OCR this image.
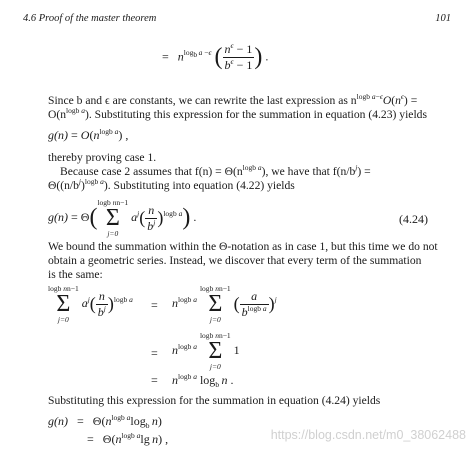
4.6 Proof of the master theorem	101
= $n^{logb a -\epsilon}$ ( $\frac{n^\epsilon - 1}{b^\epsilon - 1}$ ) .
Since b and ϵ are constants, we can rewrite the last expression as $n^{logb a-\epsilon}O(n^\epsilon)$ =
$O(n^{logb a})$. Substituting this expression for the summation in equation (4.23) yields
$g(n) = O(n^{logb a})$ ,
thereby proving case 1.
Because case 2 assumes that $f(n) = \Theta(n^{logb a})$, we have that $f(n/b^j)$ =
$\Theta((n/b^j)^{logb a})$. Substituting into equation (4.22) yields
g(n) = Θ(
logb nn−1
Σ
j=0
$a^j( \frac{n}{b^j} )^{logb a}$) .	(4.24)
We bound the summation within the Θ-notation as in case 1, but this time we do not
obtain a geometric series. Instead, we discover that every term of the summation
is the same:
logb nn−1
Σ
j=0
$a^j( \frac{n}{b^j} )^{logb a} = n^{logb a}$
logb nn−1
Σ
j=0
( $\frac{a}{b^{logb a}} )^j$
= $n^{logb a}$
logb nn−1
Σ
j=0
1
= $n^{logb a}$ $\log_b n$ .
Substituting this expression for the summation in equation (4.24) yields
$g(n) = \Theta(n^{logb a}\log_b$  n)
= $\Theta(n^{logb a}\lg$  n) ,	https://blog.csdn.net/m0_38062488
